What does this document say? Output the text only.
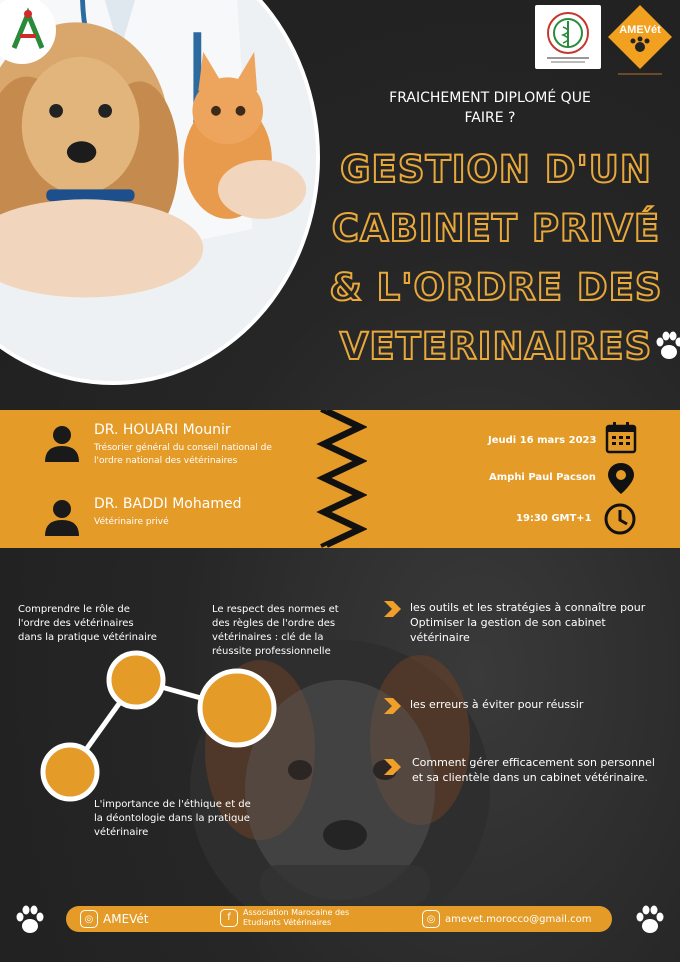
AMEVét
FRAICHEMENT DIPLOMÉ QUE FAIRE ?
GESTION D'UN CABINET PRIVÉ & L'ORDRE DES VETERINAIRES
DR. HOUARI Mounir
Trésorier général du conseil national de l'ordre national des vétérinaires
DR. BADDI Mohamed
Vétérinaire privé
Jeudi 16 mars 2023
Amphi Paul Pacson
19:30 GMT+1
Comprendre le rôle de l'ordre des vétérinaires dans la pratique vétérinaire
Le respect des normes et des règles de l'ordre des vétérinaires : clé de la réussite professionnelle
L'importance de l'éthique et de la déontologie dans la pratique vétérinaire
les outils et les stratégies à connaître pour Optimiser la gestion de son cabinet vétérinaire
les erreurs à éviter pour réussir
Comment gérer efficacement son personnel et sa clientèle dans un cabinet vétérinaire.
◎ AMEVét	f	Association Marocaine des Etudiants Vétérinaires	◎ amevet.morocco@gmail.com
